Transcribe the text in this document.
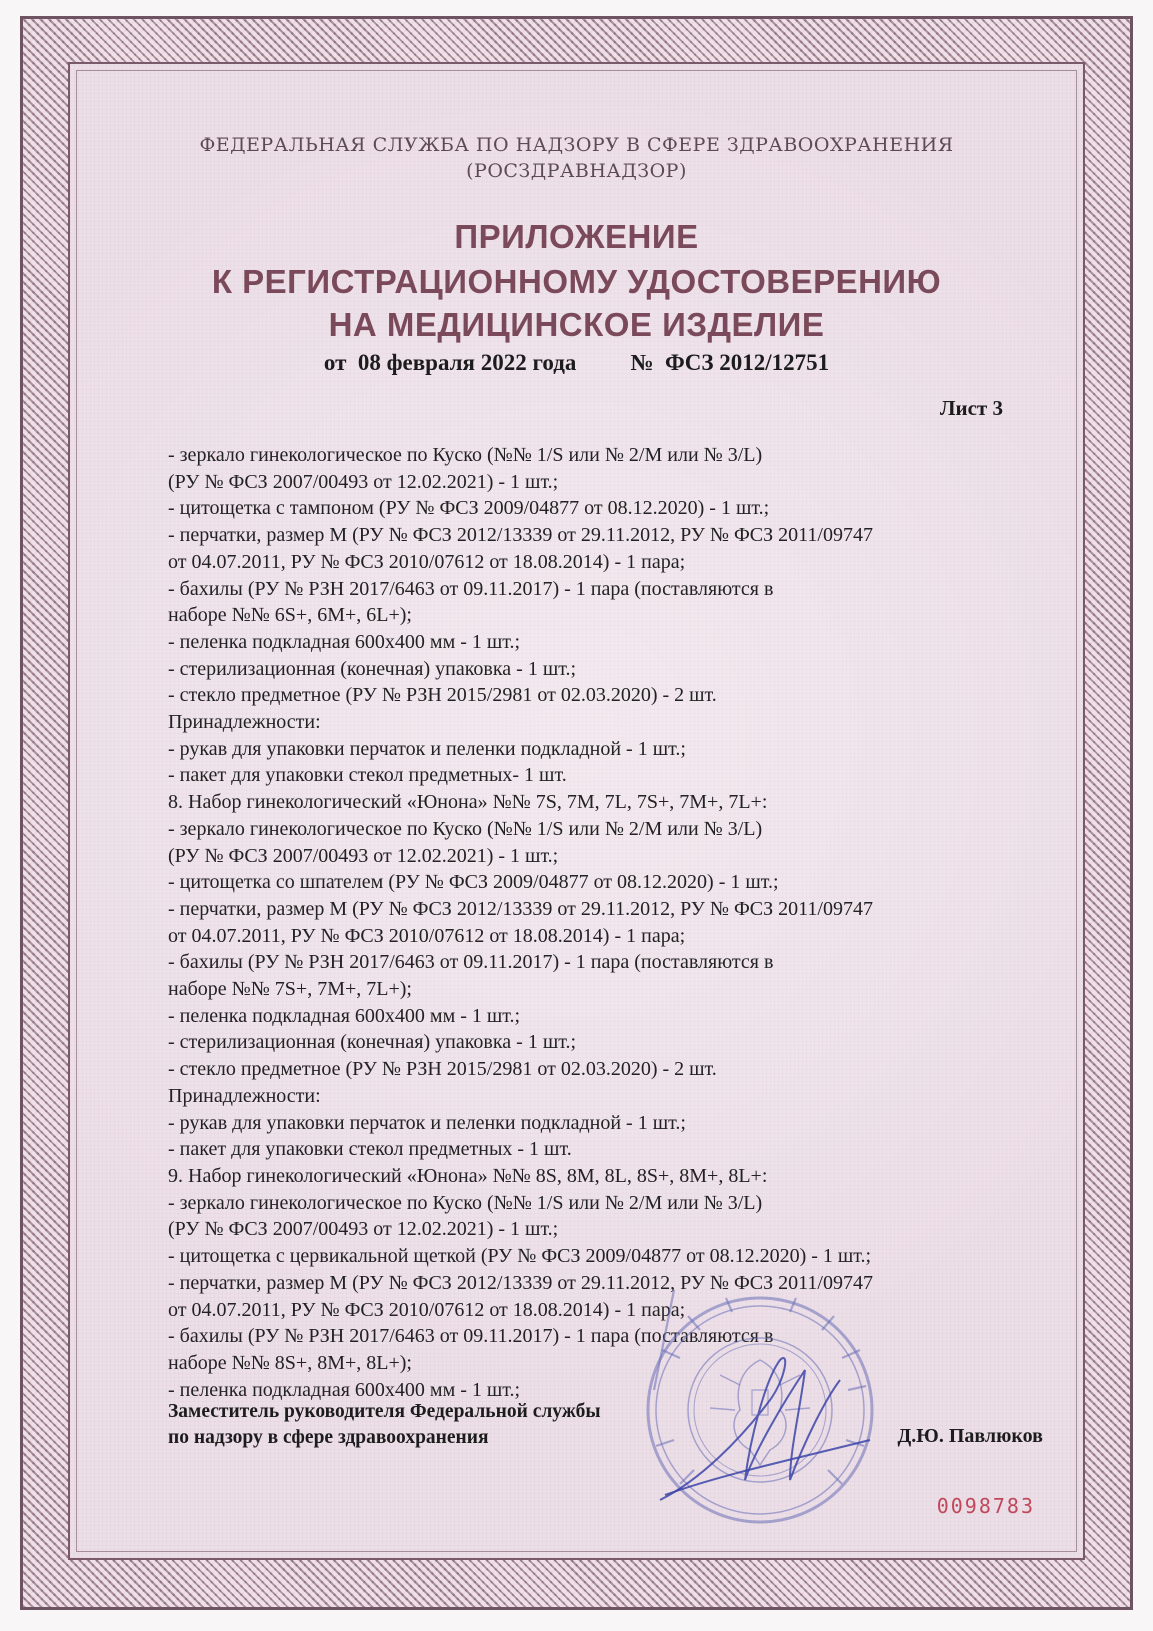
ФЕДЕРАЛЬНАЯ СЛУЖБА ПО НАДЗОРУ В СФЕРЕ ЗДРАВООХРАНЕНИЯ
(РОСЗДРАВНАДЗОР)
ПРИЛОЖЕНИЕ
К РЕГИСТРАЦИОННОМУ УДОСТОВЕРЕНИЮ
НА МЕДИЦИНСКОЕ ИЗДЕЛИЕ
от  08 февраля 2022 года №  ФСЗ 2012/12751
Лист 3
- зеркало гинекологическое по Куско (№№ 1/S или № 2/M или № 3/L)
(РУ № ФСЗ 2007/00493 от 12.02.2021) - 1 шт.;
- цитощетка с тампоном (РУ № ФСЗ 2009/04877 от 08.12.2020) - 1 шт.;
- перчатки, размер М (РУ № ФСЗ 2012/13339 от 29.11.2012, РУ № ФСЗ 2011/09747
от 04.07.2011, РУ № ФСЗ 2010/07612 от 18.08.2014) - 1 пара;
- бахилы (РУ № РЗН 2017/6463 от 09.11.2017) - 1 пара (поставляются в
наборе №№ 6S+, 6M+, 6L+);
- пеленка подкладная 600х400 мм - 1 шт.;
- стерилизационная (конечная) упаковка - 1 шт.;
- стекло предметное (РУ № РЗН 2015/2981 от 02.03.2020) - 2 шт.
Принадлежности:
- рукав для упаковки перчаток и пеленки подкладной - 1 шт.;
- пакет для упаковки стекол предметных- 1 шт.
8. Набор гинекологический «Юнона» №№ 7S, 7M, 7L, 7S+, 7M+, 7L+:
- зеркало гинекологическое по Куско (№№ 1/S или № 2/M или № 3/L)
(РУ № ФСЗ 2007/00493 от 12.02.2021) - 1 шт.;
- цитощетка со шпателем (РУ № ФСЗ 2009/04877 от 08.12.2020) - 1 шт.;
- перчатки, размер М (РУ № ФСЗ 2012/13339 от 29.11.2012, РУ № ФСЗ 2011/09747
от 04.07.2011, РУ № ФСЗ 2010/07612 от 18.08.2014) - 1 пара;
- бахилы (РУ № РЗН 2017/6463 от 09.11.2017) - 1 пара (поставляются в
наборе №№ 7S+, 7M+, 7L+);
- пеленка подкладная 600х400 мм - 1 шт.;
- стерилизационная (конечная) упаковка - 1 шт.;
- стекло предметное (РУ № РЗН 2015/2981 от 02.03.2020) - 2 шт.
Принадлежности:
- рукав для упаковки перчаток и пеленки подкладной - 1 шт.;
- пакет для упаковки стекол предметных - 1 шт.
9. Набор гинекологический «Юнона» №№ 8S, 8M, 8L, 8S+, 8M+, 8L+:
- зеркало гинекологическое по Куско (№№ 1/S или № 2/M или № 3/L)
(РУ № ФСЗ 2007/00493 от 12.02.2021) - 1 шт.;
- цитощетка с цервикальной щеткой (РУ № ФСЗ 2009/04877 от 08.12.2020) - 1 шт.;
- перчатки, размер М (РУ № ФСЗ 2012/13339 от 29.11.2012, РУ № ФСЗ 2011/09747
от 04.07.2011, РУ № ФСЗ 2010/07612 от 18.08.2014) - 1 пара;
- бахилы (РУ № РЗН 2017/6463 от 09.11.2017) - 1 пара (поставляются в
наборе №№ 8S+, 8M+, 8L+);
- пеленка подкладная 600х400 мм - 1 шт.;
Заместитель руководителя Федеральной службы
по надзору в сфере здравоохранения	Д.Ю. Павлюков
0098783
